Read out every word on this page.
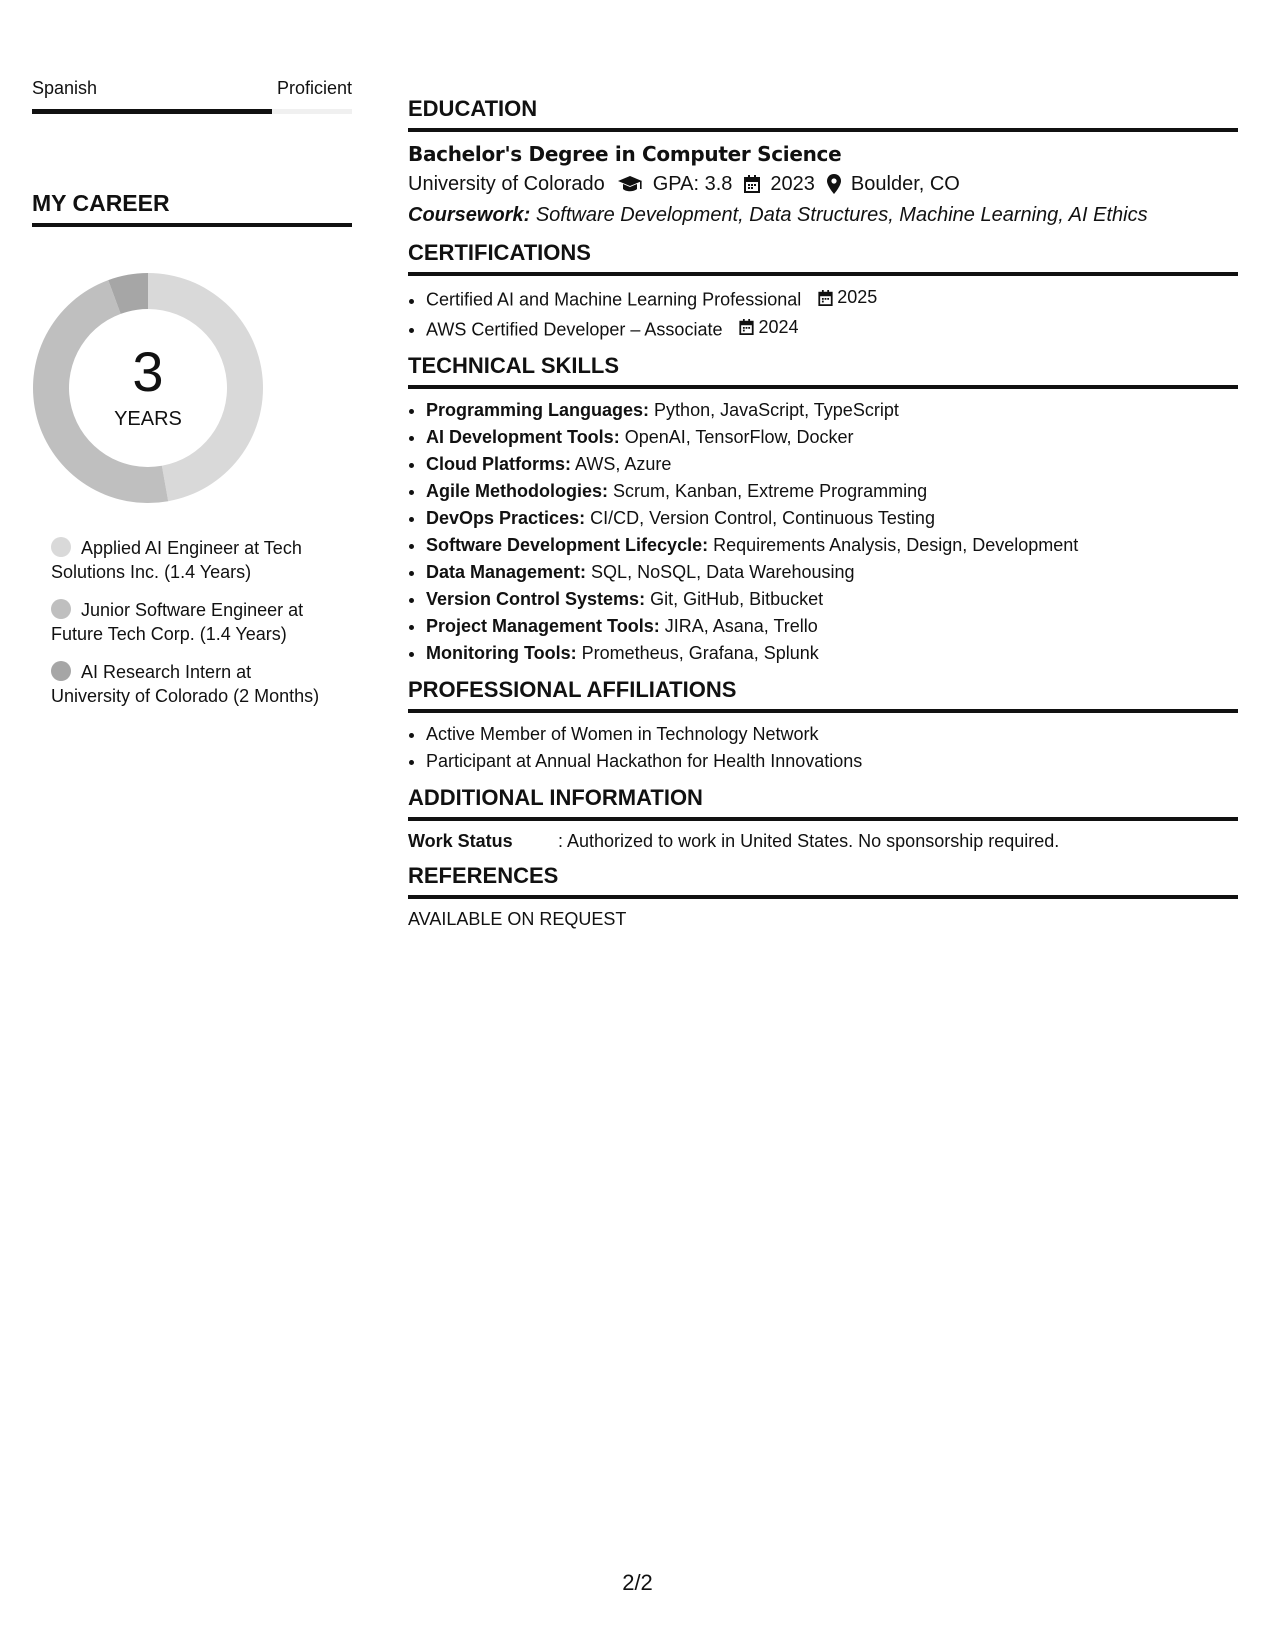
Spanish	Proficient
MY CAREER
3
YEARS
Applied AI Engineer at Tech Solutions Inc. (1.4 Years)
Junior Software Engineer at Future Tech Corp. (1.4 Years)
AI Research Intern at University of Colorado (2 Months)
EDUCATION
Bachelor's Degree in Computer Science
University of Colorado GPA: 3.8 2023 Boulder, CO
Coursework: Software Development, Data Structures, Machine Learning, AI Ethics
CERTIFICATIONS
• Certified AI and Machine Learning Professional 2025
• AWS Certified Developer – Associate 2024
TECHNICAL SKILLS
• Programming Languages: Python, JavaScript, TypeScript
• AI Development Tools: OpenAI, TensorFlow, Docker
• Cloud Platforms: AWS, Azure
• Agile Methodologies: Scrum, Kanban, Extreme Programming
• DevOps Practices: CI/CD, Version Control, Continuous Testing
• Software Development Lifecycle: Requirements Analysis, Design, Development
• Data Management: SQL, NoSQL, Data Warehousing
• Version Control Systems: Git, GitHub, Bitbucket
• Project Management Tools: JIRA, Asana, Trello
• Monitoring Tools: Prometheus, Grafana, Splunk
PROFESSIONAL AFFILIATIONS
• Active Member of Women in Technology Network
• Participant at Annual Hackathon for Health Innovations
ADDITIONAL INFORMATION
Work Status	: Authorized to work in United States. No sponsorship required.
REFERENCES
AVAILABLE ON REQUEST
2/2
